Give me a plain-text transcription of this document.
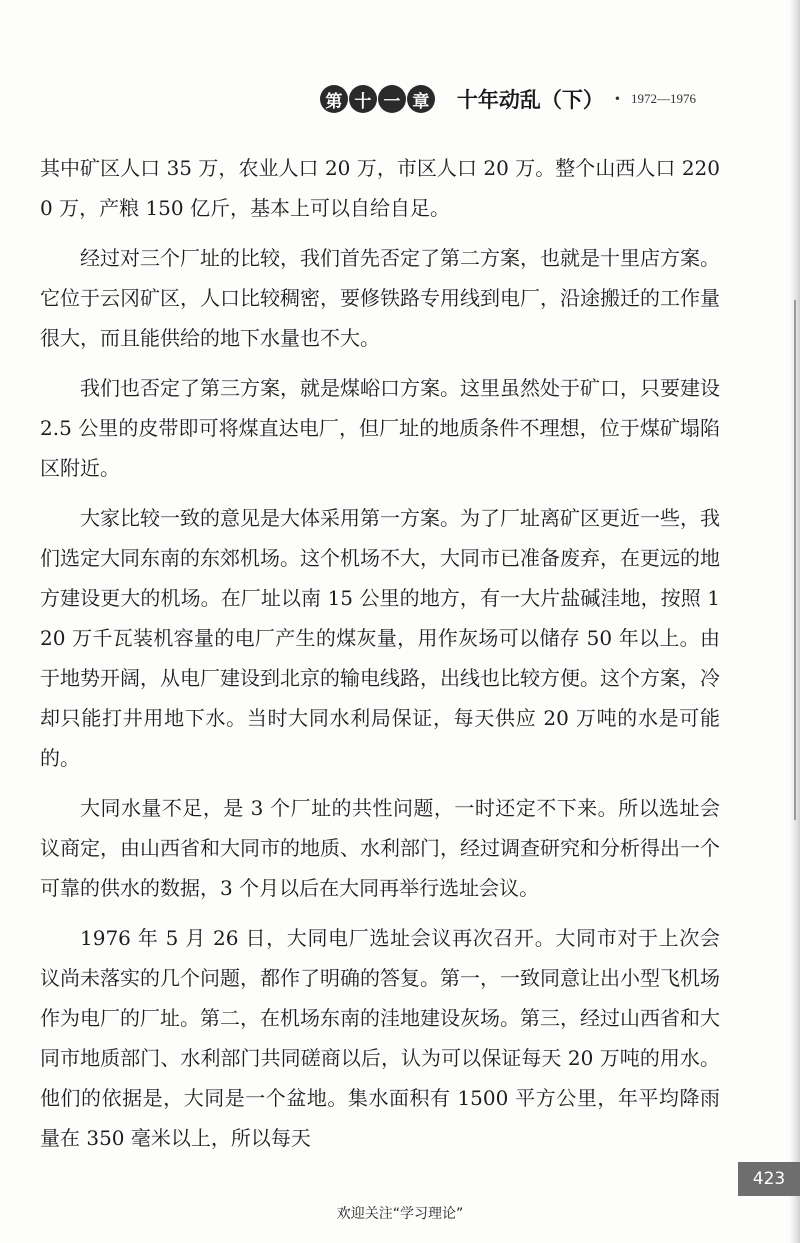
第 十 一 章 十年动乱（下） • 1972—1976

其中矿区人口 35 万，农业人口 20 万，市区人口 20 万。整个山西人口 2200 万，产粮 150 亿斤，基本上可以自给自足。

经过对三个厂址的比较，我们首先否定了第二方案，也就是十里店方案。它位于云冈矿区，人口比较稠密，要修铁路专用线到电厂，沿途搬迁的工作量很大，而且能供给的地下水量也不大。

我们也否定了第三方案，就是煤峪口方案。这里虽然处于矿口，只要建设 2.5 公里的皮带即可将煤直达电厂，但厂址的地质条件不理想，位于煤矿塌陷区附近。

大家比较一致的意见是大体采用第一方案。为了厂址离矿区更近一些，我们选定大同东南的东郊机场。这个机场不大，大同市已准备废弃，在更远的地方建设更大的机场。在厂址以南 15 公里的地方，有一大片盐碱洼地，按照 120 万千瓦装机容量的电厂产生的煤灰量，用作灰场可以储存 50 年以上。由于地势开阔，从电厂建设到北京的输电线路，出线也比较方便。这个方案，冷却只能打井用地下水。当时大同水利局保证，每天供应 20 万吨的水是可能的。

大同水量不足，是 3 个厂址的共性问题，一时还定不下来。所以选址会议商定，由山西省和大同市的地质、水利部门，经过调查研究和分析得出一个可靠的供水的数据，3 个月以后在大同再举行选址会议。

1976 年 5 月 26 日，大同电厂选址会议再次召开。大同市对于上次会议尚未落实的几个问题，都作了明确的答复。第一，一致同意让出小型飞机场作为电厂的厂址。第二，在机场东南的洼地建设灰场。第三，经过山西省和大同市地质部门、水利部门共同磋商以后，认为可以保证每天 20 万吨的用水。他们的依据是，大同是一个盆地。集水面积有 1500 平方公里，年平均降雨量在 350 毫米以上，所以每天

423
欢迎关注“学习理论”
